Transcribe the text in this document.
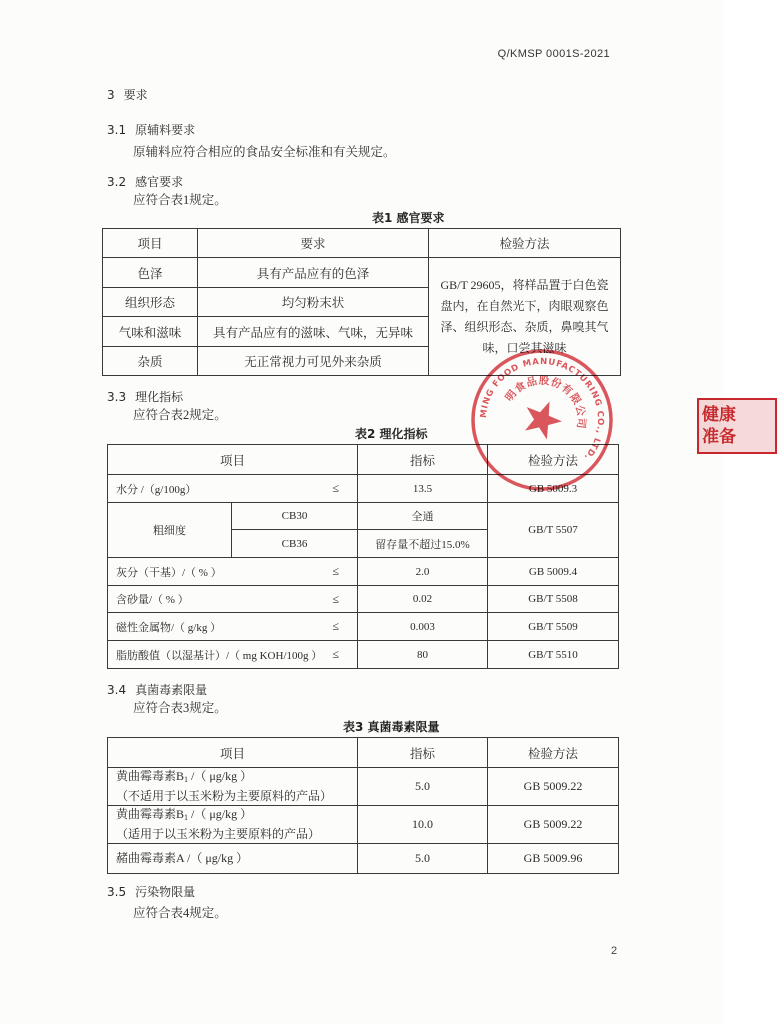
Q/KMSP 0001S-2021
3 要求
3.1 原辅料要求
原辅料应符合相应的食品安全标准和有关规定。
3.2 感官要求
应符合表1规定。
表1 感官要求
项目	要求	检验方法
色泽	具有产品应有的色泽	GB/T 29605，将样品置于白色瓷盘内，在自然光下，肉眼观察色泽、组织形态、杂质，鼻嗅其气味，口尝其滋味
组织形态	均匀粉末状	
气味和滋味	具有产品应有的滋味、气味，无异味	
杂质	无正常视力可见外来杂质	
3.3 理化指标
应符合表2规定。
表2 理化指标
项目		指标	检验方法

水分 /（g/100g） ≤		13.5	GB 5009.3
粗细度	CB30	全通	GB/T 5507
	CB36	留存量不超过15.0%	

灰分（干基）/（ % ） ≤		2.0	GB 5009.4

含砂量/（ % ） ≤		0.02	GB/T 5508

磁性金属物/（ g/kg ） ≤		0.003	GB/T 5509

脂肪酸值（以湿基计）/（ mg KOH/100g ） ≤		80	GB/T 5510
3.4 真菌毒素限量
应符合表3规定。
表3 真菌毒素限量
项目	指标	检验方法

黄曲霉毒素$B_1$ /（ μg/kg ）
（不适用于以玉米粉为主要原料的产品）	5.0	GB 5009.22

黄曲霉毒素$B_1$ /（ μg/kg ）
（适用于以玉米粉为主要原料的产品）	10.0	GB 5009.22

赭曲霉毒素A /（ μg/kg ）	5.0	GB 5009.96
3.5 污染物限量
应符合表4规定。
2
MING FOOD MANUFACTURING CO., LTD.
明食品股份有限公司	健康
准备
